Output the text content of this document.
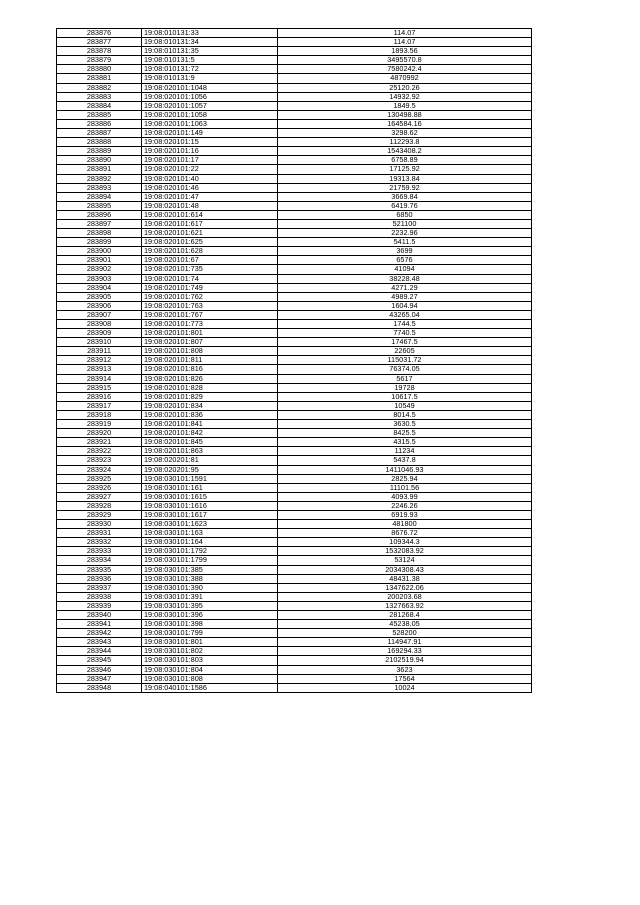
283876	19:08:010131:33	114.07
283877	19:08:010131:34	114.07
283878	19:08:010131:35	1893.56
283879	19:08:010131:5	3495570.8
283880	19:08:010131:72	7580242.4
283881	19:08:010131:9	4870992
283882	19:08:020101:1048	25120.26
283883	19:08:020101:1056	14932.92
283884	19:08:020101:1057	1849.5
283885	19:08:020101:1058	130498.88
283886	19:08:020101:1063	164584.16
283887	19:08:020101:149	3298.62
283888	19:08:020101:15	112293.8
283889	19:08:020101:16	1543408.2
283890	19:08:020101:17	6758.89
283891	19:08:020101:22	17125.92
283892	19:08:020101:40	19313.84
283893	19:08:020101:46	21759.92
283894	19:08:020101:47	3669.84
283895	19:08:020101:48	6419.76
283896	19:08:020101:614	6850
283897	19:08:020101:617	521100
283898	19:08:020101:621	2232.96
283899	19:08:020101:625	5411.5
283900	19:08:020101:628	3699
283901	19:08:020101:67	6576
283902	19:08:020101:735	41094
283903	19:08:020101:74	38228.48
283904	19:08:020101:749	4271.29
283905	19:08:020101:762	4989.27
283906	19:08:020101:763	1604.94
283907	19:08:020101:767	43265.04
283908	19:08:020101:773	1744.5
283909	19:08:020101:801	7740.5
283910	19:08:020101:807	17467.5
283911	19:08:020101:808	22605
283912	19:08:020101:811	115031.72
283913	19:08:020101:816	76374.05
283914	19:08:020101:826	5617
283915	19:08:020101:828	19728
283916	19:08:020101:829	10617.5
283917	19:08:020101:834	10549
283918	19:08:020101:836	8014.5
283919	19:08:020101:841	3630.5
283920	19:08:020101:842	8425.5
283921	19:08:020101:845	4315.5
283922	19:08:020101:863	11234
283923	19:08:020201:81	5437.8
283924	19:08:020201:95	1411046.93
283925	19:08:030101:1591	2825.94
283926	19:08:030101:161	11101.56
283927	19:08:030101:1615	4093.99
283928	19:08:030101:1616	2246.26
283929	19:08:030101:1617	6919.93
283930	19:08:030101:1623	481800
283931	19:08:030101:163	8676.72
283932	19:08:030101:164	109344.3
283933	19:08:030101:1792	1532083.92
283934	19:08:030101:1799	53124
283935	19:08:030101:385	2034308.43
283936	19:08:030101:388	48431.38
283937	19:08:030101:390	1347622.06
283938	19:08:030101:391	200203.68
283939	19:08:030101:395	1327663.92
283940	19:08:030101:396	281268.4
283941	19:08:030101:398	45238.05
283942	19:08:030101:799	528200
283943	19:08:030101:801	114947.91
283944	19:08:030101:802	169294.33
283945	19:08:030101:803	2102519.94
283946	19:08:030101:804	3623
283947	19:08:030101:808	17564
283948	19:08:040101:1586	10024
